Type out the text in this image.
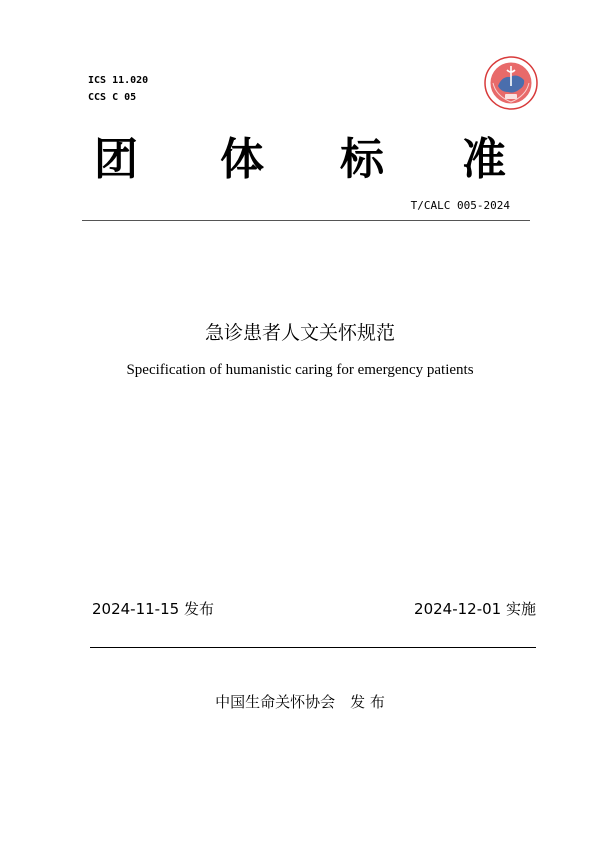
ICS 11.020
CCS C 05
团 体 标 准
T/CALC 005-2024
急诊患者人文关怀规范
Specification of humanistic caring for emergency patients
2024-11-15 发布	2024-12-01 实施
中国生命关怀协会　发 布
